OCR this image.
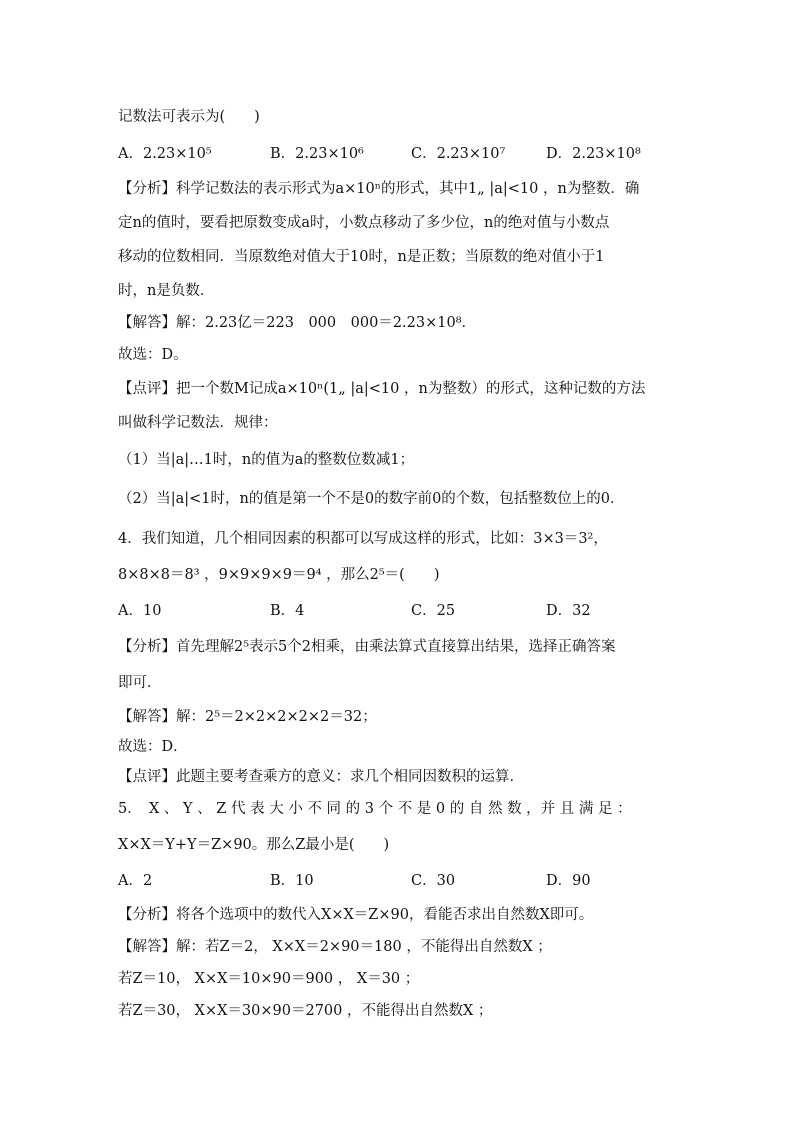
记数法可表示为(　　)
A．2.23×10⁵	B．2.23×10⁶	C．2.23×10⁷	D．2.23×10⁸
【分析】科学记数法的表示形式为a×10ⁿ的形式，其中1„ |a|<10 ，n为整数．确
定n的值时，要看把原数变成a时，小数点移动了多少位，n的绝对值与小数点
移动的位数相同．当原数绝对值大于10时，n是正数；当原数的绝对值小于1
时，n是负数．
【解答】解：2.23亿＝223　000　000＝2.23×10⁸．
故选：D。
【点评】把一个数M记成a×10ⁿ(1„ |a|<10 ，n为整数）的形式，这种记数的方法
叫做科学记数法．规律：
（1）当|a|…1时，n的值为a的整数位数减1；
（2）当|a|<1时，n的值是第一个不是0的数字前0的个数，包括整数位上的0．
4．我们知道，几个相同因素的积都可以写成这样的形式，比如：3×3＝3²，
8×8×8＝8³ ，9×9×9×9＝9⁴ ，那么2⁵＝(　　)
A．10	B．4	C．25	D．32
【分析】首先理解2⁵表示5个2相乘，由乘法算式直接算出结果，选择正确答案
即可．
【解答】解：2⁵＝2×2×2×2×2＝32；
故选：D．
【点评】此题主要考查乘方的意义：求几个相同因数积的运算．
5．　X 、 Y 、 Z 代 表 大 小 不 同 的 3 个 不 是 0 的 自 然 数 ，并 且 满 足 ：
X×X＝Y+Y＝Z×90。那么Z最小是(　　)
A．2	B．10	C．30	D．90
【分析】将各个选项中的数代入X×X＝Z×90，看能否求出自然数X即可。
【解答】解：若Z＝2， X×X＝2×90＝180 ，不能得出自然数X ；
若Z＝10， X×X＝10×90＝900 ， X＝30 ；
若Z＝30， X×X＝30×90＝2700 ，不能得出自然数X ；
